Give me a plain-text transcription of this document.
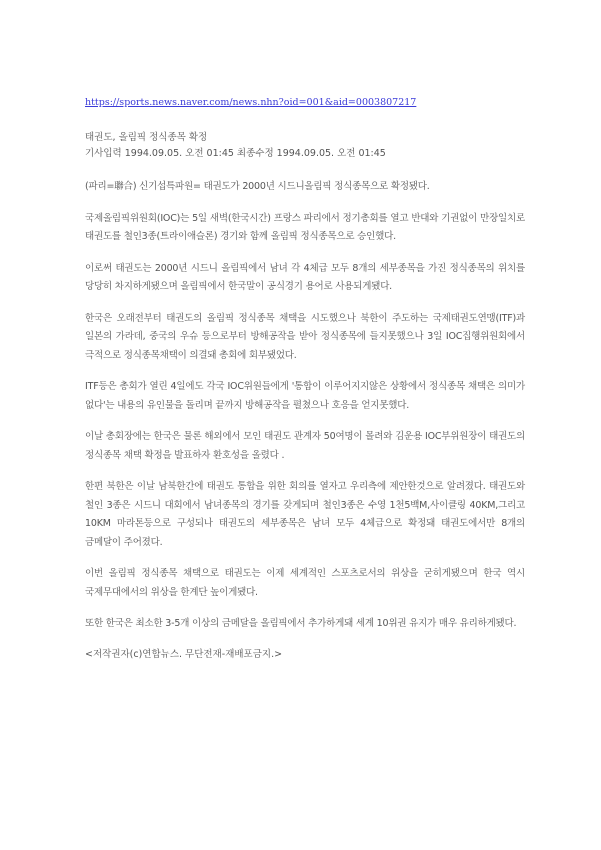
https://sports.news.naver.com/news.nhn?oid=001&aid=0003807217
태권도, 올림픽 정식종목 확정
기사입력 1994.09.05. 오전 01:45 최종수정 1994.09.05. 오전 01:45

(파리=聯合) 신기섭특파원= 태권도가 2000년 시드니올림픽 정식종목으로 확정됐다.

국제올림픽위원회(IOC)는 5일 새벽(한국시간) 프랑스 파리에서 정기총회를 열고 반대와 기권없이 만장일치로 태권도를 철인3종(트라이애슬론) 경기와 함께 올림픽 정식종목으로 승인했다.

이로써 태권도는 2000년 시드니 올림픽에서 남녀 각 4체급 모두 8개의 세부종목을 가진 정식종목의 위치를 당당히 차지하게됐으며 올림픽에서 한국말이 공식경기 용어로 사용되게됐다.

한국은 오래전부터 태권도의 올림픽 정식종목 채택을 시도했으나 북한이 주도하는 국제태권도연맹(ITF)과 일본의 가라데, 중국의 우슈 등으로부터 방해공작을 받아 정식종목에 들지못했으나 3일 IOC집행위원회에서 극적으로 정식종목채택이 의결돼 총회에 회부됐었다.

ITF등은 총회가 열린 4일에도 각국 IOC위원들에게 '통합이 이루어지지않은 상황에서 정식종목 채택은 의미가 없다'는 내용의 유인물을 돌리며 끝까지 방해공작을 펼쳤으나 호응을 얻지못했다.

이날 총회장에는 한국은 물론 해외에서 모인 태권도 관계자 50여명이 몰려와 김운용 IOC부위원장이 태권도의 정식종목 채택 확정을 발표하자 환호성을 올렸다 .

한편 북한은 이날 남북한간에 태권도 통합을 위한 회의를 열자고 우리측에 제안한것으로 알려졌다. 태권도와 철인 3종은 시드니 대회에서 남녀종목의 경기를 갖게되며 철인3종은 수영 1천5백M,사이클링 40KM,그리고 10KM 마라톤등으로 구성되나 태권도의 세부종목은 남녀 모두 4체급으로 확정돼 태권도에서만 8개의 금메달이 주어졌다.

이번 올림픽 정식종목 채택으로 태권도는 이제 세계적인 스포츠로서의 위상을 굳히게됐으며 한국 역시 국제무대에서의 위상을 한계단 높이게됐다.

또한 한국은 최소한 3-5개 이상의 금메달을 올림픽에서 추가하게돼 세계 10위권 유지가 매우 유리하게됐다.

<저작권자(c)연합뉴스. 무단전재-재배포금지.>
